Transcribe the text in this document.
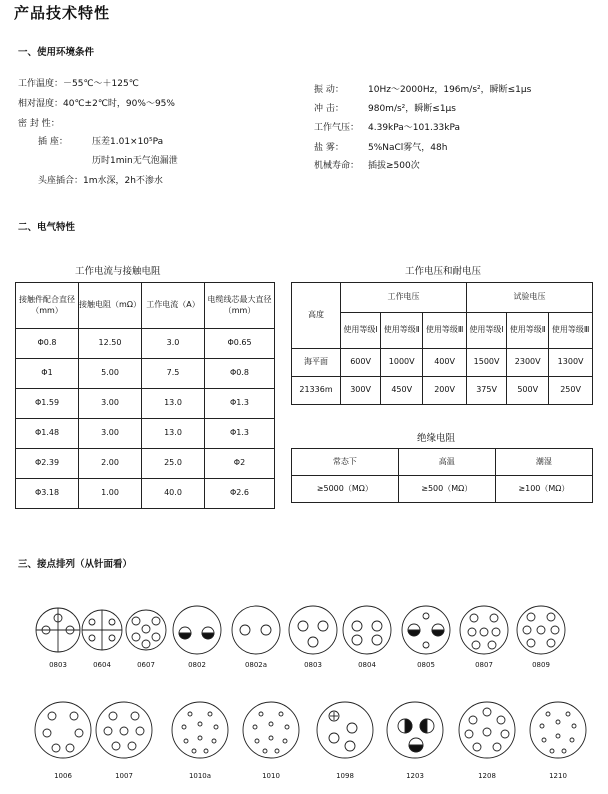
产品技术特性
一、使用环境条件
工作温度：－55℃～＋125℃
相对湿度：40℃±2℃时，90%～95%
密 封 性：
插 座：	压差1.01×10⁵Pa
历时1min无气泡漏泄
头座插合：1m水深，2h不渗水
振 动：	10Hz～2000Hz，196m/s²，瞬断≤1μs
冲 击：	980m/s²，瞬断≤1μs
工作气压： 4.39kPa～101.33kPa
盐 雾：	5%NaCl雾气，48h
机械寿命： 插拔≥500次
二、电气特性
工作电流与接触电阻
接触件配合直径（mm）	接触电阻（mΩ）	工作电流（A）	电缆线芯最大直径（mm）
Φ0.8	12.50	3.0	Φ0.65
Φ1	5.00	7.5	Φ0.8
Φ1.59	3.00	13.0	Φ1.3
Φ1.48	3.00	13.0	Φ1.3
Φ2.39	2.00	25.0	Φ2
Φ3.18	1.00	40.0	Φ2.6
工作电压和耐电压
高度	工作电压			试验电压		
	使用等级Ⅰ	使用等级Ⅱ	使用等级Ⅲ	使用等级Ⅰ	使用等级Ⅱ	使用等级Ⅲ
海平面	600V	1000V	400V	1500V	2300V	1300V
21336m	300V	450V	200V	375V	500V	250V
绝缘电阻
常态下	高温	潮湿
≥5000（MΩ）	≥500（MΩ）	≥100（MΩ）
三、接点排列（从针面看）
0803	0604	0607	0802	0802a	0803	0804	0805	0807	0809
1006	1007	1010a	1010	1098	1203	1208	1210
